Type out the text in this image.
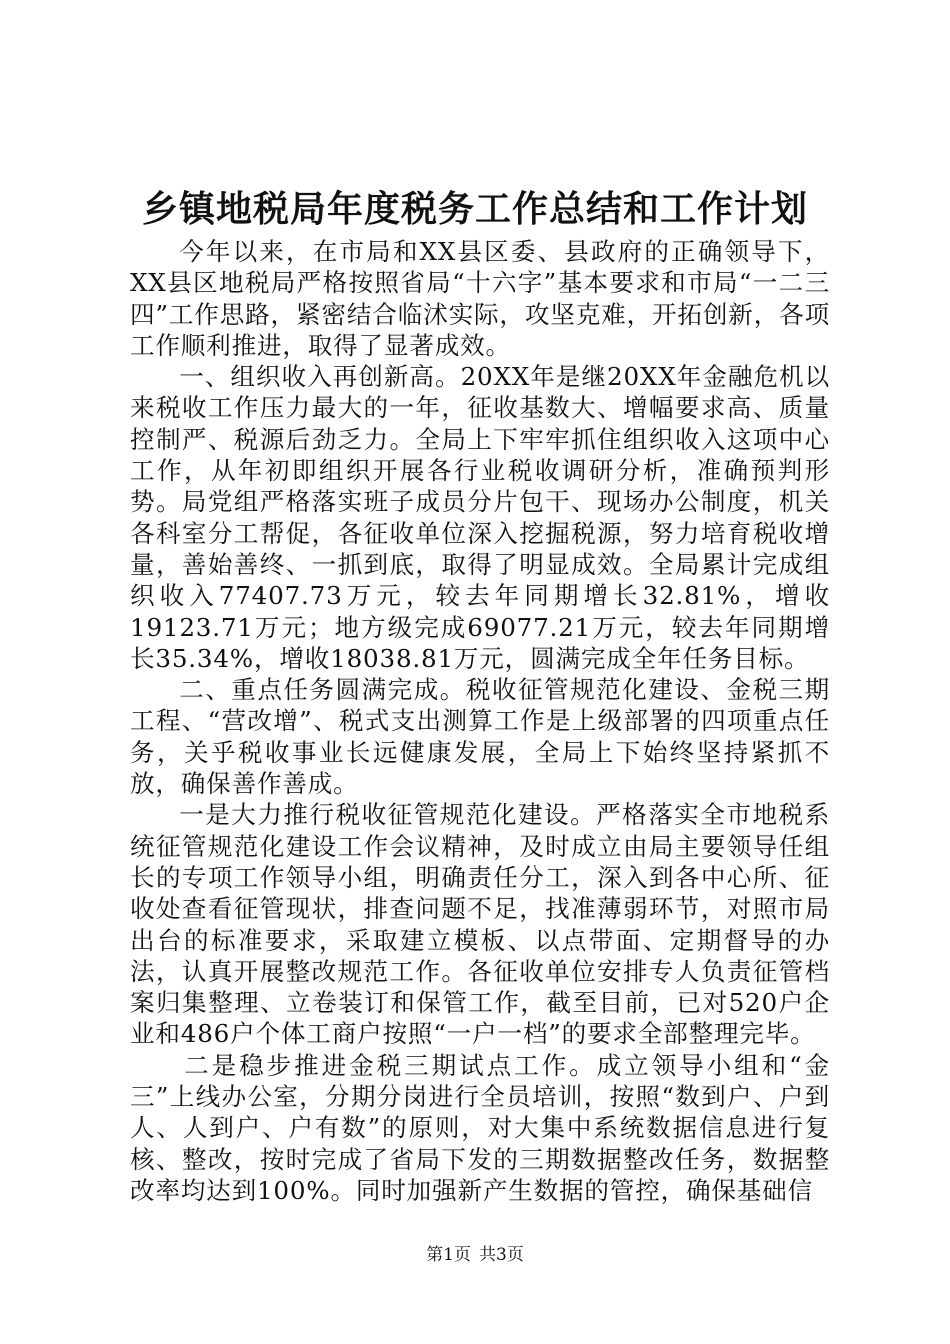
乡镇地税局年度税务工作总结和工作计划

今年以来，在市局和XX县区委、县政府的正确领导下，XX县区地税局严格按照省局“十六字”基本要求和市局“一二三四”工作思路，紧密结合临沭实际，攻坚克难，开拓创新，各项工作顺利推进，取得了显著成效。

一、组织收入再创新高。20XX年是继20XX年金融危机以来税收工作压力最大的一年，征收基数大、增幅要求高、质量控制严、税源后劲乏力。全局上下牢牢抓住组织收入这项中心工作，从年初即组织开展各行业税收调研分析，准确预判形势。局党组严格落实班子成员分片包干、现场办公制度，机关各科室分工帮促，各征收单位深入挖掘税源，努力培育税收增量，善始善终、一抓到底，取得了明显成效。全局累计完成组织收入77407.73万元，较去年同期增长32.81%，增收19123.71万元；地方级完成69077.21万元，较去年同期增长35.34%，增收18038.81万元，圆满完成全年任务目标。

二、重点任务圆满完成。税收征管规范化建设、金税三期工程、“营改增”、税式支出测算工作是上级部署的四项重点任务，关乎税收事业长远健康发展，全局上下始终坚持紧抓不放，确保善作善成。

一是大力推行税收征管规范化建设。严格落实全市地税系统征管规范化建设工作会议精神，及时成立由局主要领导任组长的专项工作领导小组，明确责任分工，深入到各中心所、征收处查看征管现状，排查问题不足，找准薄弱环节，对照市局出台的标准要求，采取建立模板、以点带面、定期督导的办法，认真开展整改规范工作。各征收单位安排专人负责征管档案归集整理、立卷装订和保管工作，截至目前，已对520户企业和486户个体工商户按照“一户一档”的要求全部整理完毕。

二是稳步推进金税三期试点工作。成立领导小组和“金三”上线办公室，分期分岗进行全员培训，按照“数到户、户到人、人到户、户有数”的原则，对大集中系统数据信息进行复核、整改，按时完成了省局下发的三期数据整改任务，数据整改率均达到100%。同时加强新产生数据的管控，确保基础信

第1页 共3页
